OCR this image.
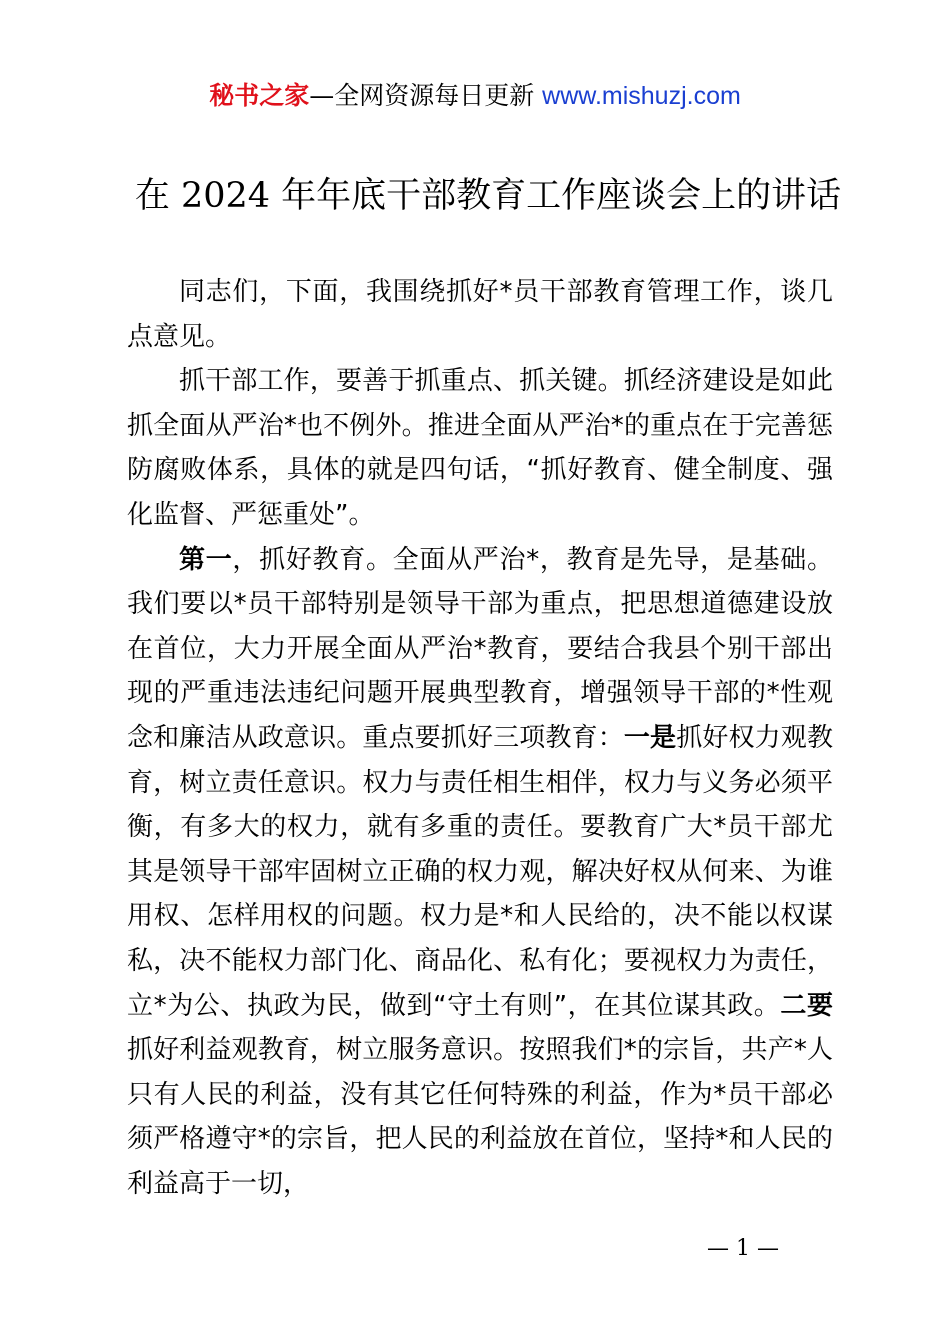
秘书之家—全网资源每日更新 www.mishuzj.com
在 2024 年年底干部教育工作座谈会上的讲话

同志们，下面，我围绕抓好*员干部教育管理工作，谈几点意见。

抓干部工作，要善于抓重点、抓关键。抓经济建设是如此抓全面从严治*也不例外。推进全面从严治*的重点在于完善惩防腐败体系，具体的就是四句话，“抓好教育、健全制度、强化监督、严惩重处”。

第一，抓好教育。全面从严治*，教育是先导，是基础。我们要以*员干部特别是领导干部为重点，把思想道德建设放在首位，大力开展全面从严治*教育，要结合我县个别干部出现的严重违法违纪问题开展典型教育，增强领导干部的*性观念和廉洁从政意识。重点要抓好三项教育：一是抓好权力观教育，树立责任意识。权力与责任相生相伴，权力与义务必须平衡，有多大的权力，就有多重的责任。要教育广大*员干部尤其是领导干部牢固树立正确的权力观，解决好权从何来、为谁用权、怎样用权的问题。权力是*和人民给的，决不能以权谋私，决不能权力部门化、商品化、私有化；要视权力为责任，立*为公、执政为民，做到“守土有则”，在其位谋其政。二要抓好利益观教育，树立服务意识。按照我们*的宗旨，共产*人只有人民的利益，没有其它任何特殊的利益，作为*员干部必须严格遵守*的宗旨，把人民的利益放在首位，坚持*和人民的利益高于一切，

— 1 —
